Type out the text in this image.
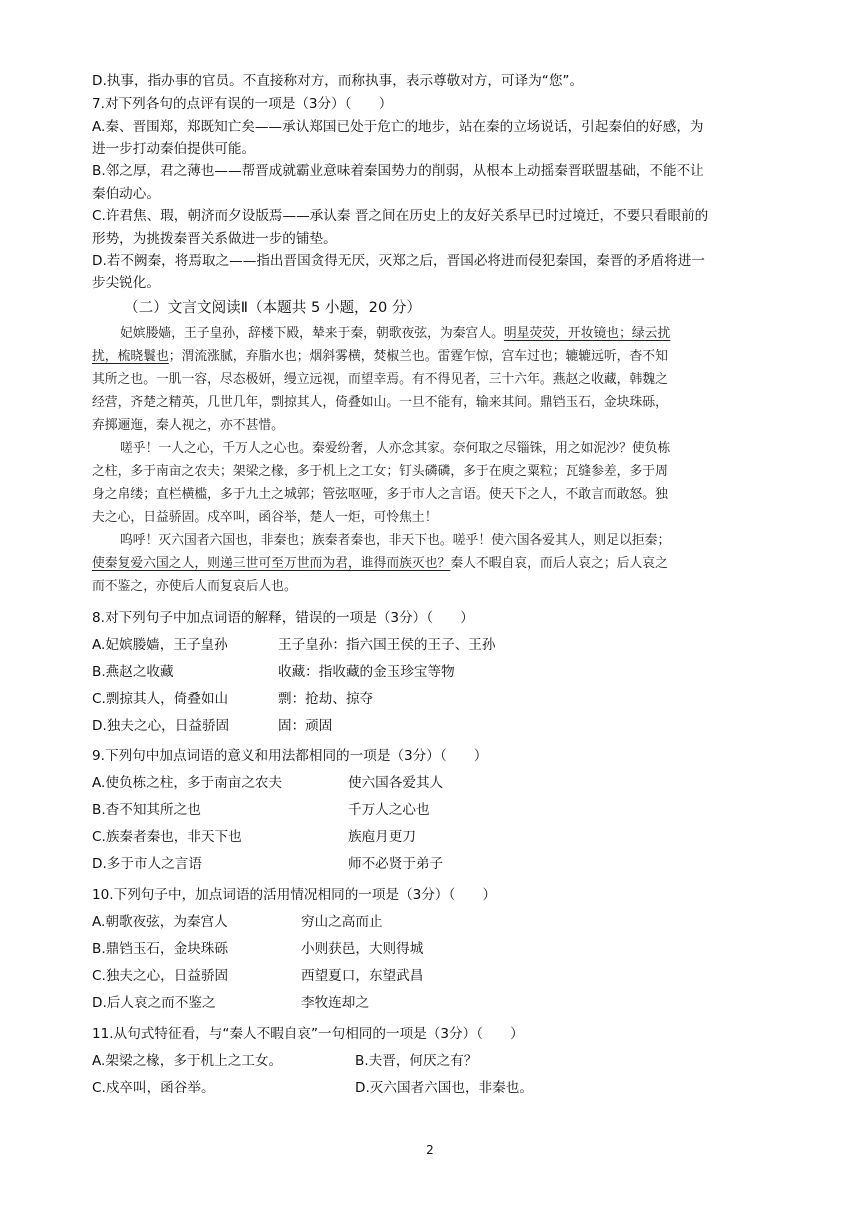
D.执事，指办事的官员。不直接称对方，而称执事，表示尊敬对方，可译为“您”。
7.对下列各句的点评有误的一项是（3分）（　　）
A.秦、晋围郑，郑既知亡矣——承认郑国已处于危亡的地步，站在秦的立场说话，引起秦伯的好感，为
进一步打动秦伯提供可能。
B.邻之厚，君之薄也——帮晋成就霸业意味着秦国势力的削弱，从根本上动摇秦晋联盟基础，不能不让
秦伯动心。
C.许君焦、瑕，朝济而夕设版焉——承认秦 晋之间在历史上的友好关系早已时过境迁，不要只看眼前的
形势，为挑拨秦晋关系做进一步的铺垫。
D.若不阙秦，将焉取之——指出晋国贪得无厌，灭郑之后，晋国必将进而侵犯秦国，秦晋的矛盾将进一
步尖锐化。
（二）文言文阅读Ⅱ（本题共 5 小题，20 分）
妃嫔媵嫱，王子皇孙，辞楼下殿，辇来于秦，朝歌夜弦，为秦宫人。明星荧荧，开妆镜也；绿云扰
扰，梳晓鬟也；渭流涨腻，弃脂水也；烟斜雾横，焚椒兰也。雷霆乍惊，宫车过也；辘辘远听，杳不知
其所之也。一肌一容，尽态极妍，缦立远视，而望幸焉。有不得见者，三十六年。燕赵之收藏，韩魏之
经营，齐楚之精英，几世几年，剽掠其人，倚叠如山。一旦不能有，输来其间。鼎铛玉石，金块珠砾，
弃掷逦迤，秦人视之，亦不甚惜。
嗟乎！一人之心，千万人之心也。秦爱纷奢，人亦念其家。奈何取之尽锱铢，用之如泥沙？使负栋
之柱，多于南亩之农夫；架梁之椽，多于机上之工女；钉头磷磷，多于在庾之粟粒；瓦缝参差，多于周
身之帛缕；直栏横槛，多于九土之城郭；管弦呕哑，多于市人之言语。使天下之人，不敢言而敢怒。独
夫之心，日益骄固。戍卒叫，函谷举，楚人一炬，可怜焦土！
呜呼！灭六国者六国也，非秦也；族秦者秦也，非天下也。嗟乎！使六国各爱其人，则足以拒秦；
使秦复爱六国之人，则递三世可至万世而为君，谁得而族灭也？秦人不暇自哀，而后人哀之；后人哀之
而不鉴之，亦使后人而复哀后人也。
8.对下列句子中加点词语的解释，错误的一项是（3分）（　　）
A.妃嫔媵嫱，王子皇孙	王子皇孙：指六国王侯的王子、王孙
B.燕赵之收藏	收藏：指收藏的金玉珍宝等物
C.剽掠其人，倚叠如山	剽：抢劫、掠夺
D.独夫之心，日益骄固	固：顽固
9.下列句中加点词语的意义和用法都相同的一项是（3分）（　　）
A.使负栋之柱，多于南亩之农夫	使六国各爱其人
B.杳不知其所之也	千万人之心也
C.族秦者秦也，非天下也	族庖月更刀
D.多于市人之言语	师不必贤于弟子
10.下列句子中，加点词语的活用情况相同的一项是（3分）（　　）
A.朝歌夜弦，为秦宫人	穷山之高而止
B.鼎铛玉石，金块珠砾	小则获邑，大则得城
C.独夫之心，日益骄固	西望夏口，东望武昌
D.后人哀之而不鉴之	李牧连却之
11.从句式特征看，与“秦人不暇自哀”一句相同的一项是（3分）（　　）
A.架梁之椽，多于机上之工女。	B.夫晋，何厌之有？
C.戍卒叫，函谷举。	D.灭六国者六国也，非秦也。
2
